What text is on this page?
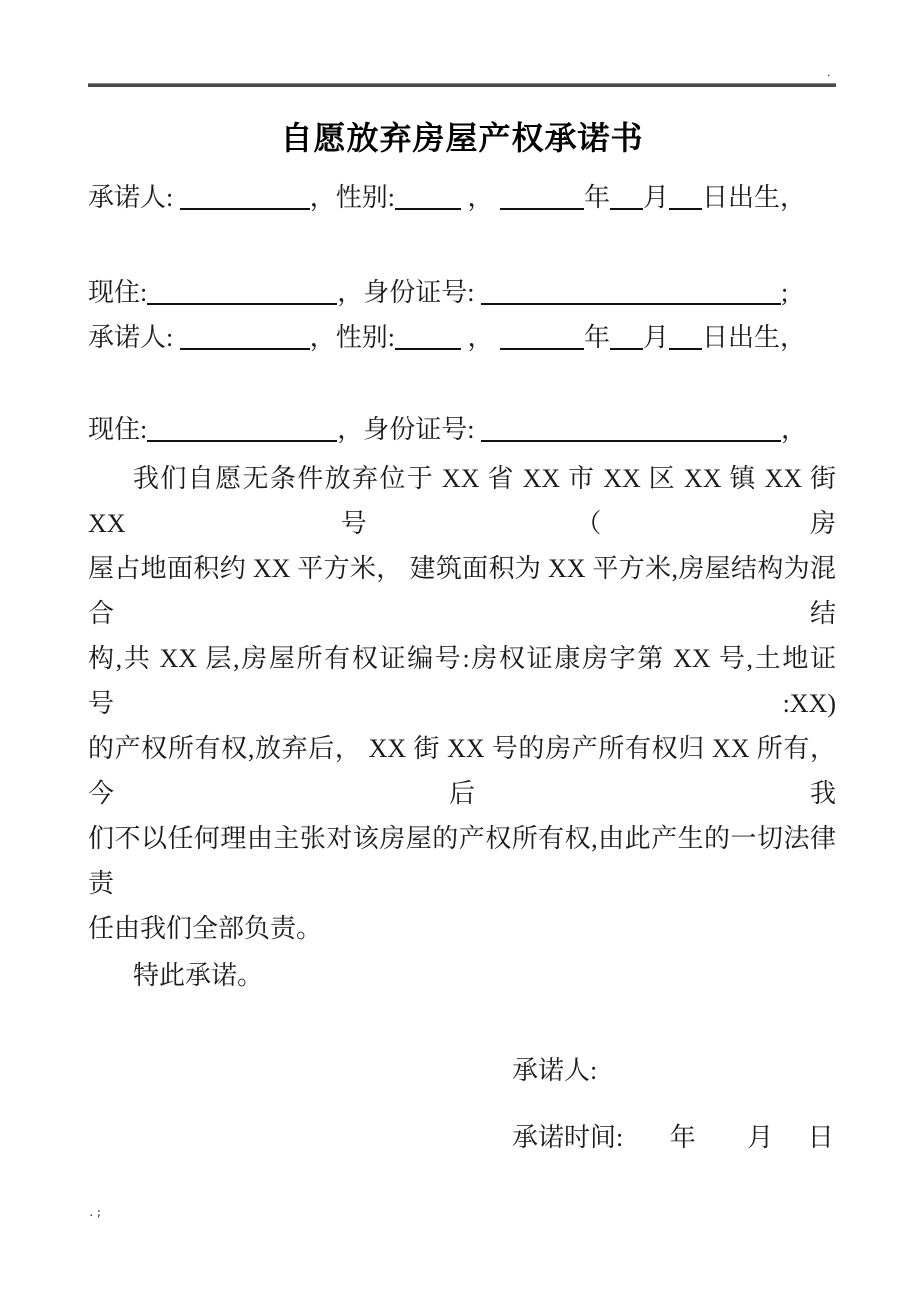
.
自愿放弃房屋产权承诺书
承诺人:	，性别:	，	年 月 日出生，
现住:	，身份证号:	;
承诺人:	，性别:	，	年 月 日出生，
现住:	，身份证号:	，
我们自愿无条件放弃位于 XX 省 XX 市 XX 区 XX 镇 XX 街 XX 号（房
屋占地面积约 XX 平方米， 建筑面积为 XX 平方米,房屋结构为混合结
构,共 XX 层,房屋所有权证编号:房权证康房字第 XX 号,土地证号:XX)
的产权所有权,放弃后， XX 街 XX 号的房产所有权归 XX 所有， 今后我
们不以任何理由主张对该房屋的产权所有权,由此产生的一切法律责
任由我们全部负责。
特此承诺。
承诺人:
承诺时间: 年 月 日
.;
